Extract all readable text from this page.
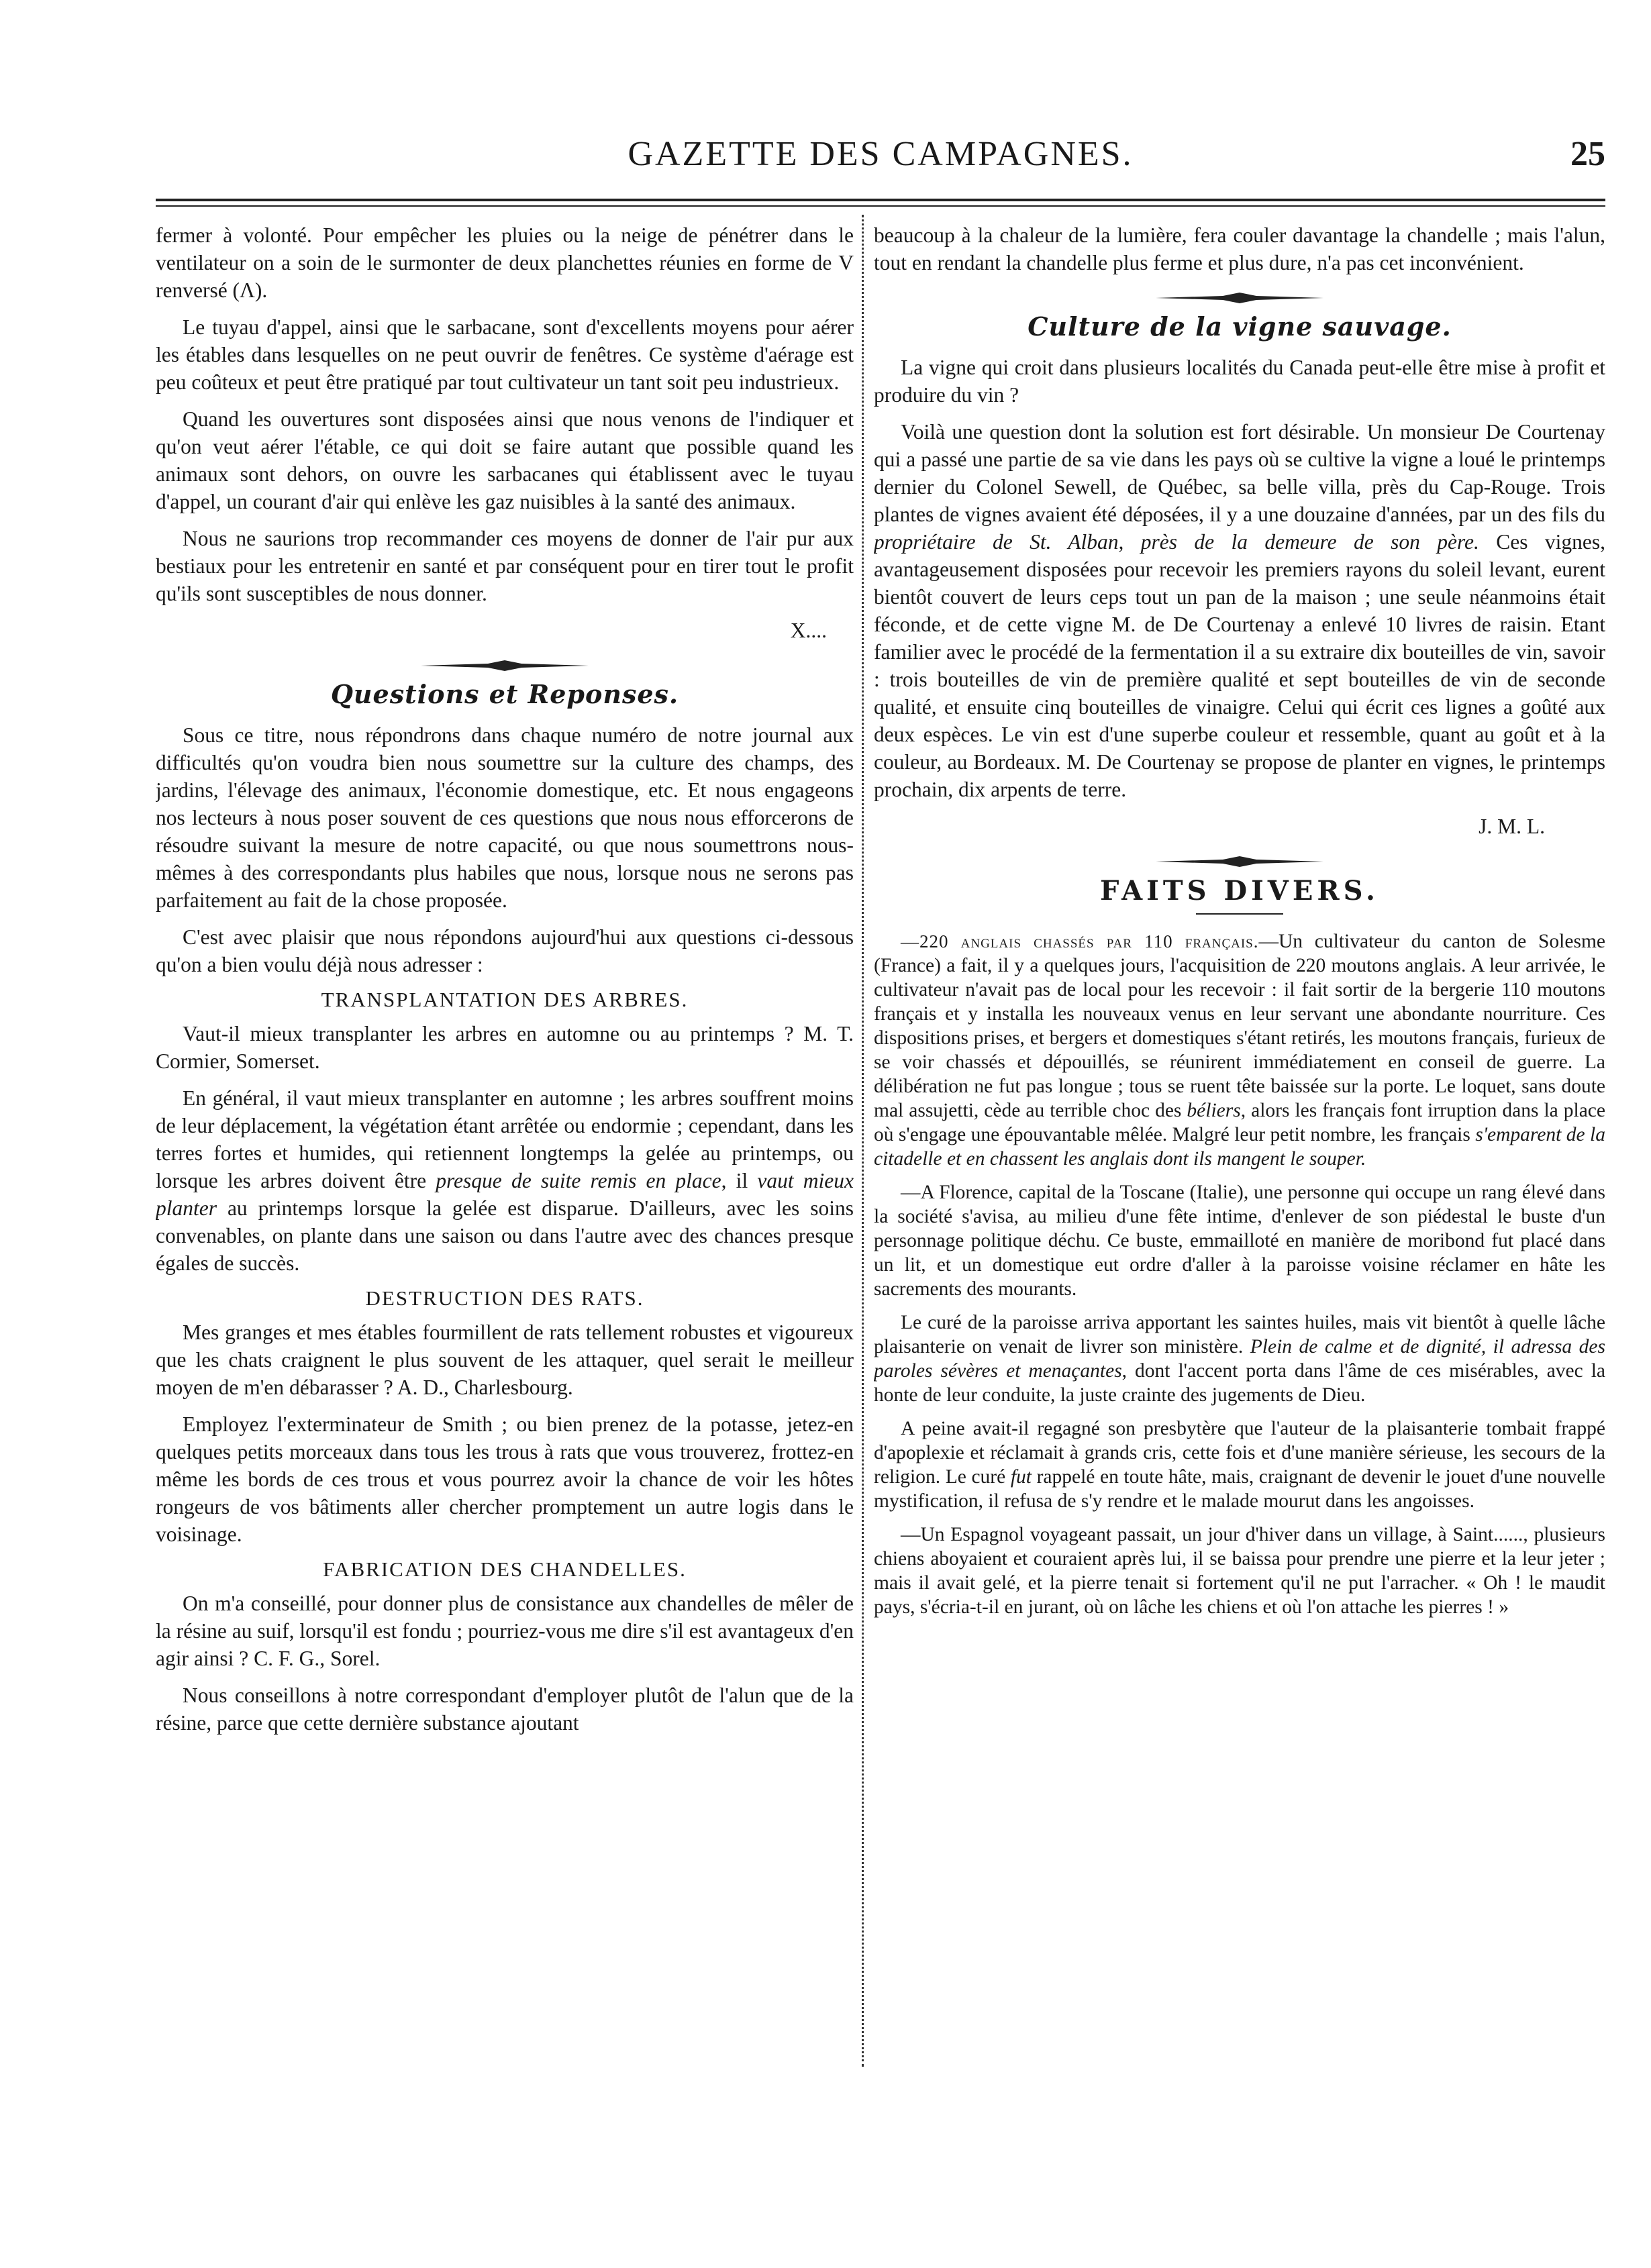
GAZETTE DES CAMPAGNES.	25

fermer à volonté. Pour empêcher les pluies ou la neige de pénétrer dans le ventilateur on a soin de le surmonter de deux planchettes réunies en forme de V renversé (Λ).

Le tuyau d'appel, ainsi que le sarbacane, sont d'excellents moyens pour aérer les étables dans lesquelles on ne peut ouvrir de fenêtres. Ce système d'aérage est peu coûteux et peut être pratiqué par tout cultivateur un tant soit peu industrieux.

Quand les ouvertures sont disposées ainsi que nous venons de l'indiquer et qu'on veut aérer l'étable, ce qui doit se faire autant que possible quand les animaux sont dehors, on ouvre les sarbacanes qui établissent avec le tuyau d'appel, un courant d'air qui enlève les gaz nuisibles à la santé des animaux.

Nous ne saurions trop recommander ces moyens de donner de l'air pur aux bestiaux pour les entretenir en santé et par conséquent pour en tirer tout le profit qu'ils sont susceptibles de nous donner.

X....

Questions et Reponses.

Sous ce titre, nous répondrons dans chaque numéro de notre journal aux difficultés qu'on voudra bien nous soumettre sur la culture des champs, des jardins, l'élevage des animaux, l'économie domestique, etc. Et nous engageons nos lecteurs à nous poser souvent de ces questions que nous nous efforcerons de résoudre suivant la mesure de notre capacité, ou que nous soumettrons nous-mêmes à des correspondants plus habiles que nous, lorsque nous ne serons pas parfaitement au fait de la chose proposée.

C'est avec plaisir que nous répondons aujourd'hui aux questions ci-dessous qu'on a bien voulu déjà nous adresser :

TRANSPLANTATION DES ARBRES.

Vaut-il mieux transplanter les arbres en automne ou au printemps ? M. T. Cormier, Somerset.

En général, il vaut mieux transplanter en automne ; les arbres souffrent moins de leur déplacement, la végétation étant arrêtée ou endormie ; cependant, dans les terres fortes et humides, qui retiennent longtemps la gelée au printemps, ou lorsque les arbres doivent être presque de suite remis en place, il vaut mieux planter au printemps lorsque la gelée est disparue. D'ailleurs, avec les soins convenables, on plante dans une saison ou dans l'autre avec des chances presque égales de succès.

DESTRUCTION DES RATS.

Mes granges et mes étables fourmillent de rats tellement robustes et vigoureux que les chats craignent le plus souvent de les attaquer, quel serait le meilleur moyen de m'en débarasser ? A. D., Charlesbourg.

Employez l'exterminateur de Smith ; ou bien prenez de la potasse, jetez-en quelques petits morceaux dans tous les trous à rats que vous trouverez, frottez-en même les bords de ces trous et vous pourrez avoir la chance de voir les hôtes rongeurs de vos bâtiments aller chercher promptement un autre logis dans le voisinage.

FABRICATION DES CHANDELLES.

On m'a conseillé, pour donner plus de consistance aux chandelles de mêler de la résine au suif, lorsqu'il est fondu ; pourriez-vous me dire s'il est avantageux d'en agir ainsi ? C. F. G., Sorel.

Nous conseillons à notre correspondant d'employer plutôt de l'alun que de la résine, parce que cette dernière substance ajoutant

beaucoup à la chaleur de la lumière, fera couler davantage la chandelle ; mais l'alun, tout en rendant la chandelle plus ferme et plus dure, n'a pas cet inconvénient.

Culture de la vigne sauvage.

La vigne qui croit dans plusieurs localités du Canada peut-elle être mise à profit et produire du vin ?

Voilà une question dont la solution est fort désirable. Un monsieur De Courtenay qui a passé une partie de sa vie dans les pays où se cultive la vigne a loué le printemps dernier du Colonel Sewell, de Québec, sa belle villa, près du Cap-Rouge. Trois plantes de vignes avaient été déposées, il y a une douzaine d'années, par un des fils du propriétaire de St. Alban, près de la demeure de son père. Ces vignes, avantageusement disposées pour recevoir les premiers rayons du soleil levant, eurent bientôt couvert de leurs ceps tout un pan de la maison ; une seule néanmoins était féconde, et de cette vigne M. de De Courtenay a enlevé 10 livres de raisin. Etant familier avec le procédé de la fermentation il a su extraire dix bouteilles de vin, savoir : trois bouteilles de vin de première qualité et sept bouteilles de vin de seconde qualité, et ensuite cinq bouteilles de vinaigre. Celui qui écrit ces lignes a goûté aux deux espèces. Le vin est d'une superbe couleur et ressemble, quant au goût et à la couleur, au Bordeaux. M. De Courtenay se propose de planter en vignes, le printemps prochain, dix arpents de terre.

J. M. L.

FAITS DIVERS.

—220 anglais chassés par 110 français.—Un cultivateur du canton de Solesme (France) a fait, il y a quelques jours, l'acquisition de 220 moutons anglais. A leur arrivée, le cultivateur n'avait pas de local pour les recevoir : il fait sortir de la bergerie 110 moutons français et y installa les nouveaux venus en leur servant une abondante nourriture. Ces dispositions prises, et bergers et domestiques s'étant retirés, les moutons français, furieux de se voir chassés et dépouillés, se réunirent immédiatement en conseil de guerre. La délibération ne fut pas longue ; tous se ruent tête baissée sur la porte. Le loquet, sans doute mal assujetti, cède au terrible choc des béliers, alors les français font irruption dans la place où s'engage une épouvantable mêlée. Malgré leur petit nombre, les français s'emparent de la citadelle et en chassent les anglais dont ils mangent le souper.

—A Florence, capital de la Toscane (Italie), une personne qui occupe un rang élevé dans la société s'avisa, au milieu d'une fête intime, d'enlever de son piédestal le buste d'un personnage politique déchu. Ce buste, emmailloté en manière de moribond fut placé dans un lit, et un domestique eut ordre d'aller à la paroisse voisine réclamer en hâte les sacrements des mourants.

Le curé de la paroisse arriva apportant les saintes huiles, mais vit bientôt à quelle lâche plaisanterie on venait de livrer son ministère. Plein de calme et de dignité, il adressa des paroles sévères et menaçantes, dont l'accent porta dans l'âme de ces misérables, avec la honte de leur conduite, la juste crainte des jugements de Dieu.

A peine avait-il regagné son presbytère que l'auteur de la plaisanterie tombait frappé d'apoplexie et réclamait à grands cris, cette fois et d'une manière sérieuse, les secours de la religion. Le curé fut rappelé en toute hâte, mais, craignant de devenir le jouet d'une nouvelle mystification, il refusa de s'y rendre et le malade mourut dans les angoisses.

—Un Espagnol voyageant passait, un jour d'hiver dans un village, à Saint......, plusieurs chiens aboyaient et couraient après lui, il se baissa pour prendre une pierre et la leur jeter ; mais il avait gelé, et la pierre tenait si fortement qu'il ne put l'arracher. « Oh ! le maudit pays, s'écria-t-il en jurant, où on lâche les chiens et où l'on attache les pierres ! »
